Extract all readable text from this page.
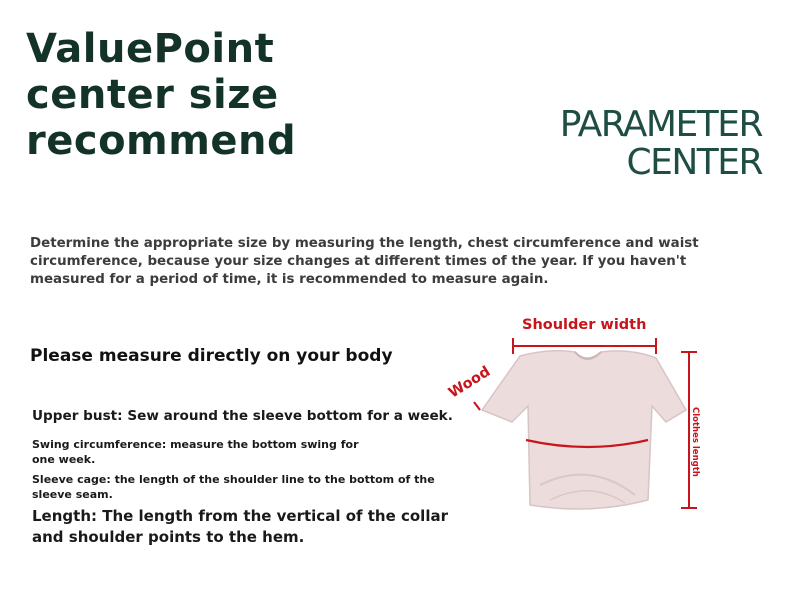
ValuePoint
center size
recommend	PARAMETER
CENTER
Determine the appropriate size by measuring the length, chest circumference and waist circumference, because your size changes at different times of the year. If you haven't measured for a period of time, it is recommended to measure again.
Please measure directly on your body
Upper bust: Sew around the sleeve bottom for a week.
Swing circumference: measure the bottom swing for one week.
Sleeve cage: the length of the shoulder line to the bottom of the sleeve seam.
Length: The length from the vertical of the collar and shoulder points to the hem.
Shoulder width
Wood
Clothes length
